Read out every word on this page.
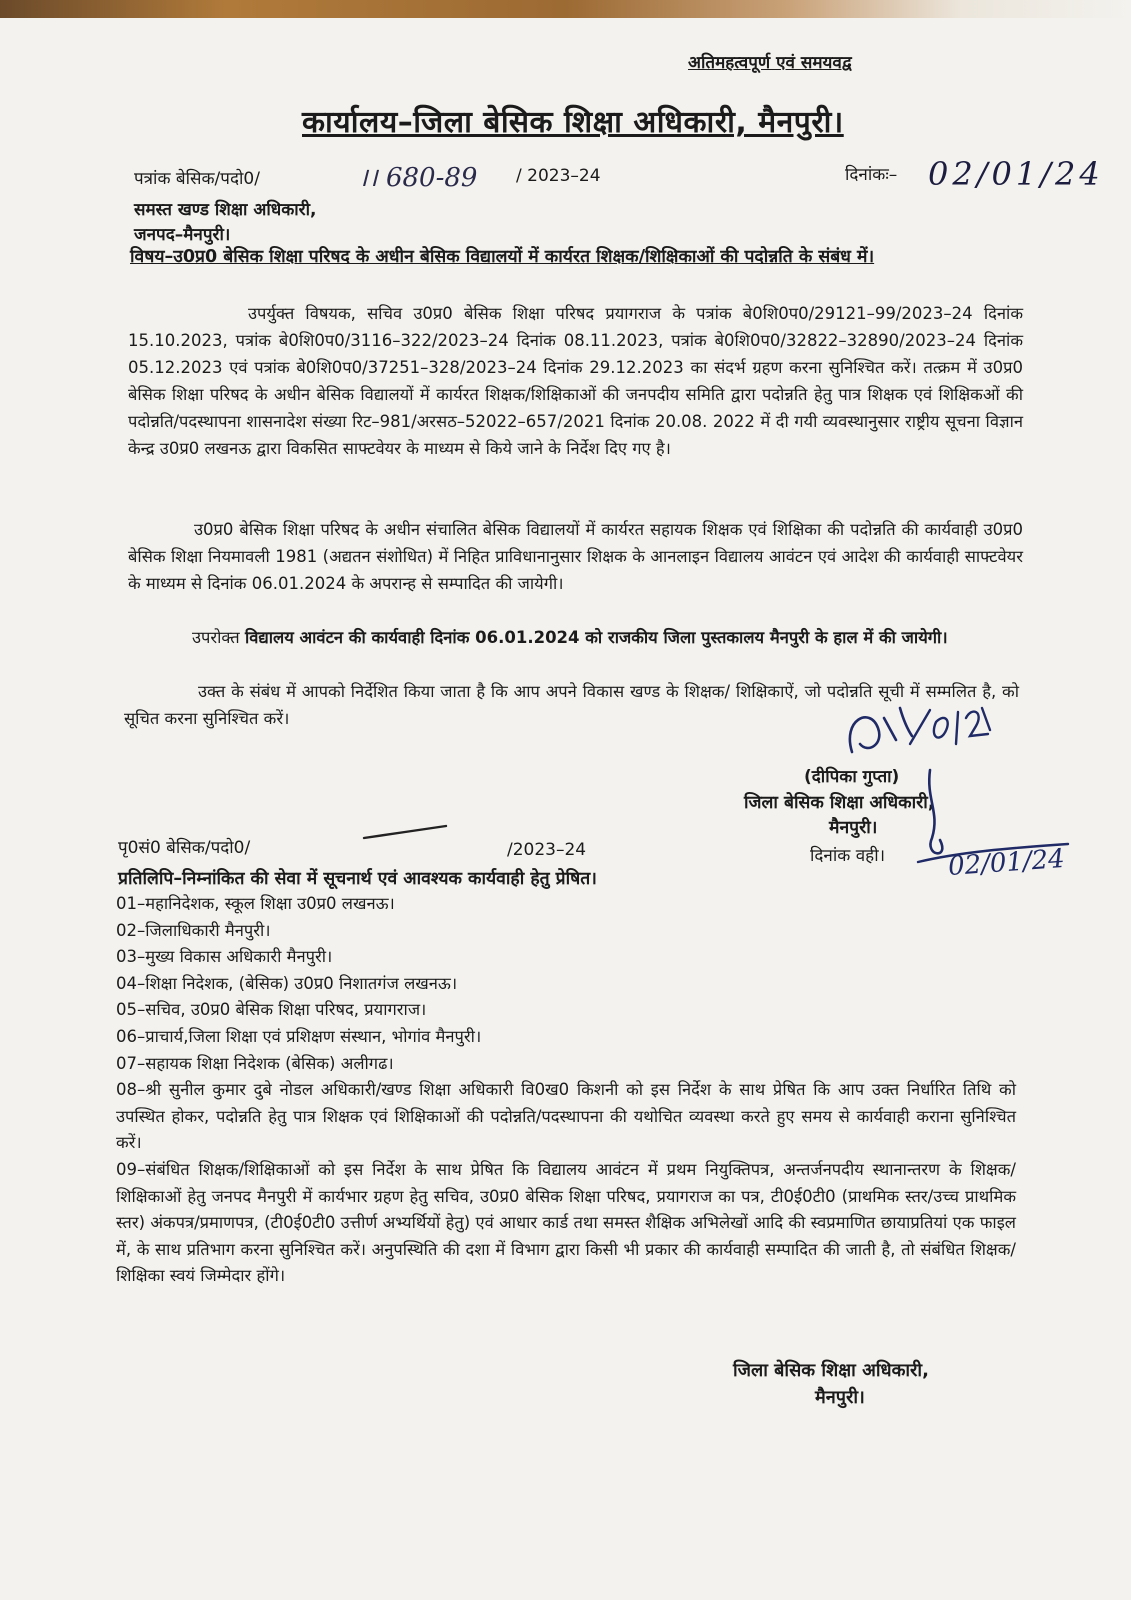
अतिमहत्वपूर्ण एवं समयवद्व
कार्यालय–जिला बेसिक शिक्षा अधिकारी, मैनपुरी।
पत्रांक बेसिक/पदो0/	।। 680-89 / 2023–24	दिनांकः– 02/01/24
समस्त खण्ड शिक्षा अधिकारी,
जनपद–मैनपुरी।
विषय–उ0प्र0 बेसिक शिक्षा परिषद के अधीन बेसिक विद्यालयों में कार्यरत शिक्षक/शिक्षिकाओं की पदोन्नति के संबंध में।
उपर्युक्त विषयक, सचिव उ0प्र0 बेसिक शिक्षा परिषद प्रयागराज के पत्रांक बे0शि0प0/29121–99/2023–24 दिनांक 15.10.2023, पत्रांक बे0शि0प0/3116–322/2023–24 दिनांक 08.11.2023, पत्रांक बे0शि0प0/32822–32890/2023–24 दिनांक 05.12.2023 एवं पत्रांक बे0शि0प0/37251–328/2023–24 दिनांक 29.12.2023 का संदर्भ ग्रहण करना सुनिश्चित करें। तत्क्रम में उ0प्र0 बेसिक शिक्षा परिषद के अधीन बेसिक विद्यालयों में कार्यरत शिक्षक/शिक्षिकाओं की जनपदीय समिति द्वारा पदोन्नति हेतु पात्र शिक्षक एवं शिक्षिकओं की पदोन्नति/पदस्थापना शासनादेश संख्या रिट–981/अरसठ–52022–657/2021 दिनांक 20.08. 2022 में दी गयी व्यवस्थानुसार राष्ट्रीय सूचना विज्ञान केन्द्र उ0प्र0 लखनऊ द्वारा विकसित साफ्टवेयर के माध्यम से किये जाने के निर्देश दिए गए है।
उ0प्र0 बेसिक शिक्षा परिषद के अधीन संचालित बेसिक विद्यालयों में कार्यरत सहायक शिक्षक एवं शिक्षिका की पदोन्नति की कार्यवाही उ0प्र0 बेसिक शिक्षा नियमावली 1981 (अद्यतन संशोधित) में निहित प्राविधानानुसार शिक्षक के आनलाइन विद्यालय आवंटन एवं आदेश की कार्यवाही साफ्टवेयर के माध्यम से दिनांक 06.01.2024 के अपरान्ह से सम्पादित की जायेगी।
उपरोक्त विद्यालय आवंटन की कार्यवाही दिनांक 06.01.2024 को राजकीय जिला पुस्तकालय मैनपुरी के हाल में की जायेगी।
उक्त के संबंध में आपको निर्देशित किया जाता है कि आप अपने विकास खण्ड के शिक्षक/ शिक्षिकाऐं, जो पदोन्नति सूची में सम्मलित है, को सूचित करना सुनिश्चित करें।
(दीपिका गुप्ता)
जिला बेसिक शिक्षा अधिकारी,
मैनपुरी।
दिनांक वही।
पृ0सं0 बेसिक/पदो0/	/2023–24
प्रतिलिपि–निम्नांकित की सेवा में सूचनार्थ एवं आवश्यक कार्यवाही हेतु प्रेषित।
01–महानिदेशक, स्कूल शिक्षा उ0प्र0 लखनऊ।
02–जिलाधिकारी मैनपुरी।
03–मुख्य विकास अधिकारी मैनपुरी।
04–शिक्षा निदेशक, (बेसिक) उ0प्र0 निशातगंज लखनऊ।
05–सचिव, उ0प्र0 बेसिक शिक्षा परिषद, प्रयागराज।
06–प्राचार्य,जिला शिक्षा एवं प्रशिक्षण संस्थान, भोगांव मैनपुरी।
07–सहायक शिक्षा निदेशक (बेसिक) अलीगढ।
08–श्री सुनील कुमार दुबे नोडल अधिकारी/खण्ड शिक्षा अधिकारी वि0ख0 किशनी को इस निर्देश के साथ प्रेषित कि आप उक्त निर्धारित तिथि को उपस्थित होकर, पदोन्नति हेतु पात्र शिक्षक एवं शिक्षिकाओं की पदोन्नति/पदस्थापना की यथोचित व्यवस्था करते हुए समय से कार्यवाही कराना सुनिश्चित करें।
09–संबंधित शिक्षक/शिक्षिकाओं को इस निर्देश के साथ प्रेषित कि विद्यालय आवंटन में प्रथम नियुक्तिपत्र, अन्तर्जनपदीय स्थानान्तरण के शिक्षक/शिक्षिकाओं हेतु जनपद मैनपुरी में कार्यभार ग्रहण हेतु सचिव, उ0प्र0 बेसिक शिक्षा परिषद, प्रयागराज का पत्र, टी0ई0टी0 (प्राथमिक स्तर/उच्च प्राथमिक स्तर) अंकपत्र/प्रमाणपत्र, (टी0ई0टी0 उत्तीर्ण अभ्यर्थियों हेतु) एवं आधार कार्ड तथा समस्त शैक्षिक अभिलेखों आदि की स्वप्रमाणित छायाप्रतियां एक फाइल में, के साथ प्रतिभाग करना सुनिश्चित करें। अनुपस्थिति की दशा में विभाग द्वारा किसी भी प्रकार की कार्यवाही सम्पादित की जाती है, तो संबंधित शिक्षक/शिक्षिका स्वयं जिम्मेदार होंगे।
जिला बेसिक शिक्षा अधिकारी,
मैनपुरी।
02/01/24
